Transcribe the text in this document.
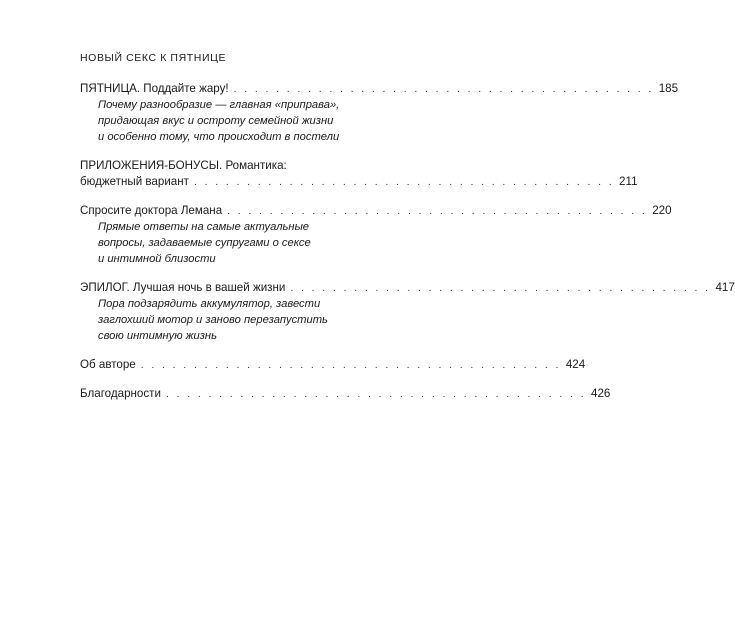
НОВЫЙ СЕКС К ПЯТНИЦЕ
ПЯТНИЦА. Поддайте жару! . . . . . . . . . . . . . . . . . . . . . . . . . . . . . . . . . . . . . . . . 185
Почему разнообразие — главная «приправа»,
придающая вкус и остроту семейной жизни
и особенно тому, что происходит в постели
ПРИЛОЖЕНИЯ-БОНУСЫ. Романтика:
бюджетный вариант . . . . . . . . . . . . . . . . . . . . . . . . . . . . . . . . . . . . . . . . 211
Спросите доктора Лемана . . . . . . . . . . . . . . . . . . . . . . . . . . . . . . . . . . . . . . . . 220
Прямые ответы на самые актуальные
вопросы, задаваемые супругами о сексе
и интимной близости
ЭПИЛОГ. Лучшая ночь в вашей жизни . . . . . . . . . . . . . . . . . . . . . . . . . . . . . . . . . . . . . . . . 417
Пора подзарядить аккумулятор, завести
заглохший мотор и заново перезапустить
свою интимную жизнь
Об авторе . . . . . . . . . . . . . . . . . . . . . . . . . . . . . . . . . . . . . . . . 424
Благодарности . . . . . . . . . . . . . . . . . . . . . . . . . . . . . . . . . . . . . . . . 426
